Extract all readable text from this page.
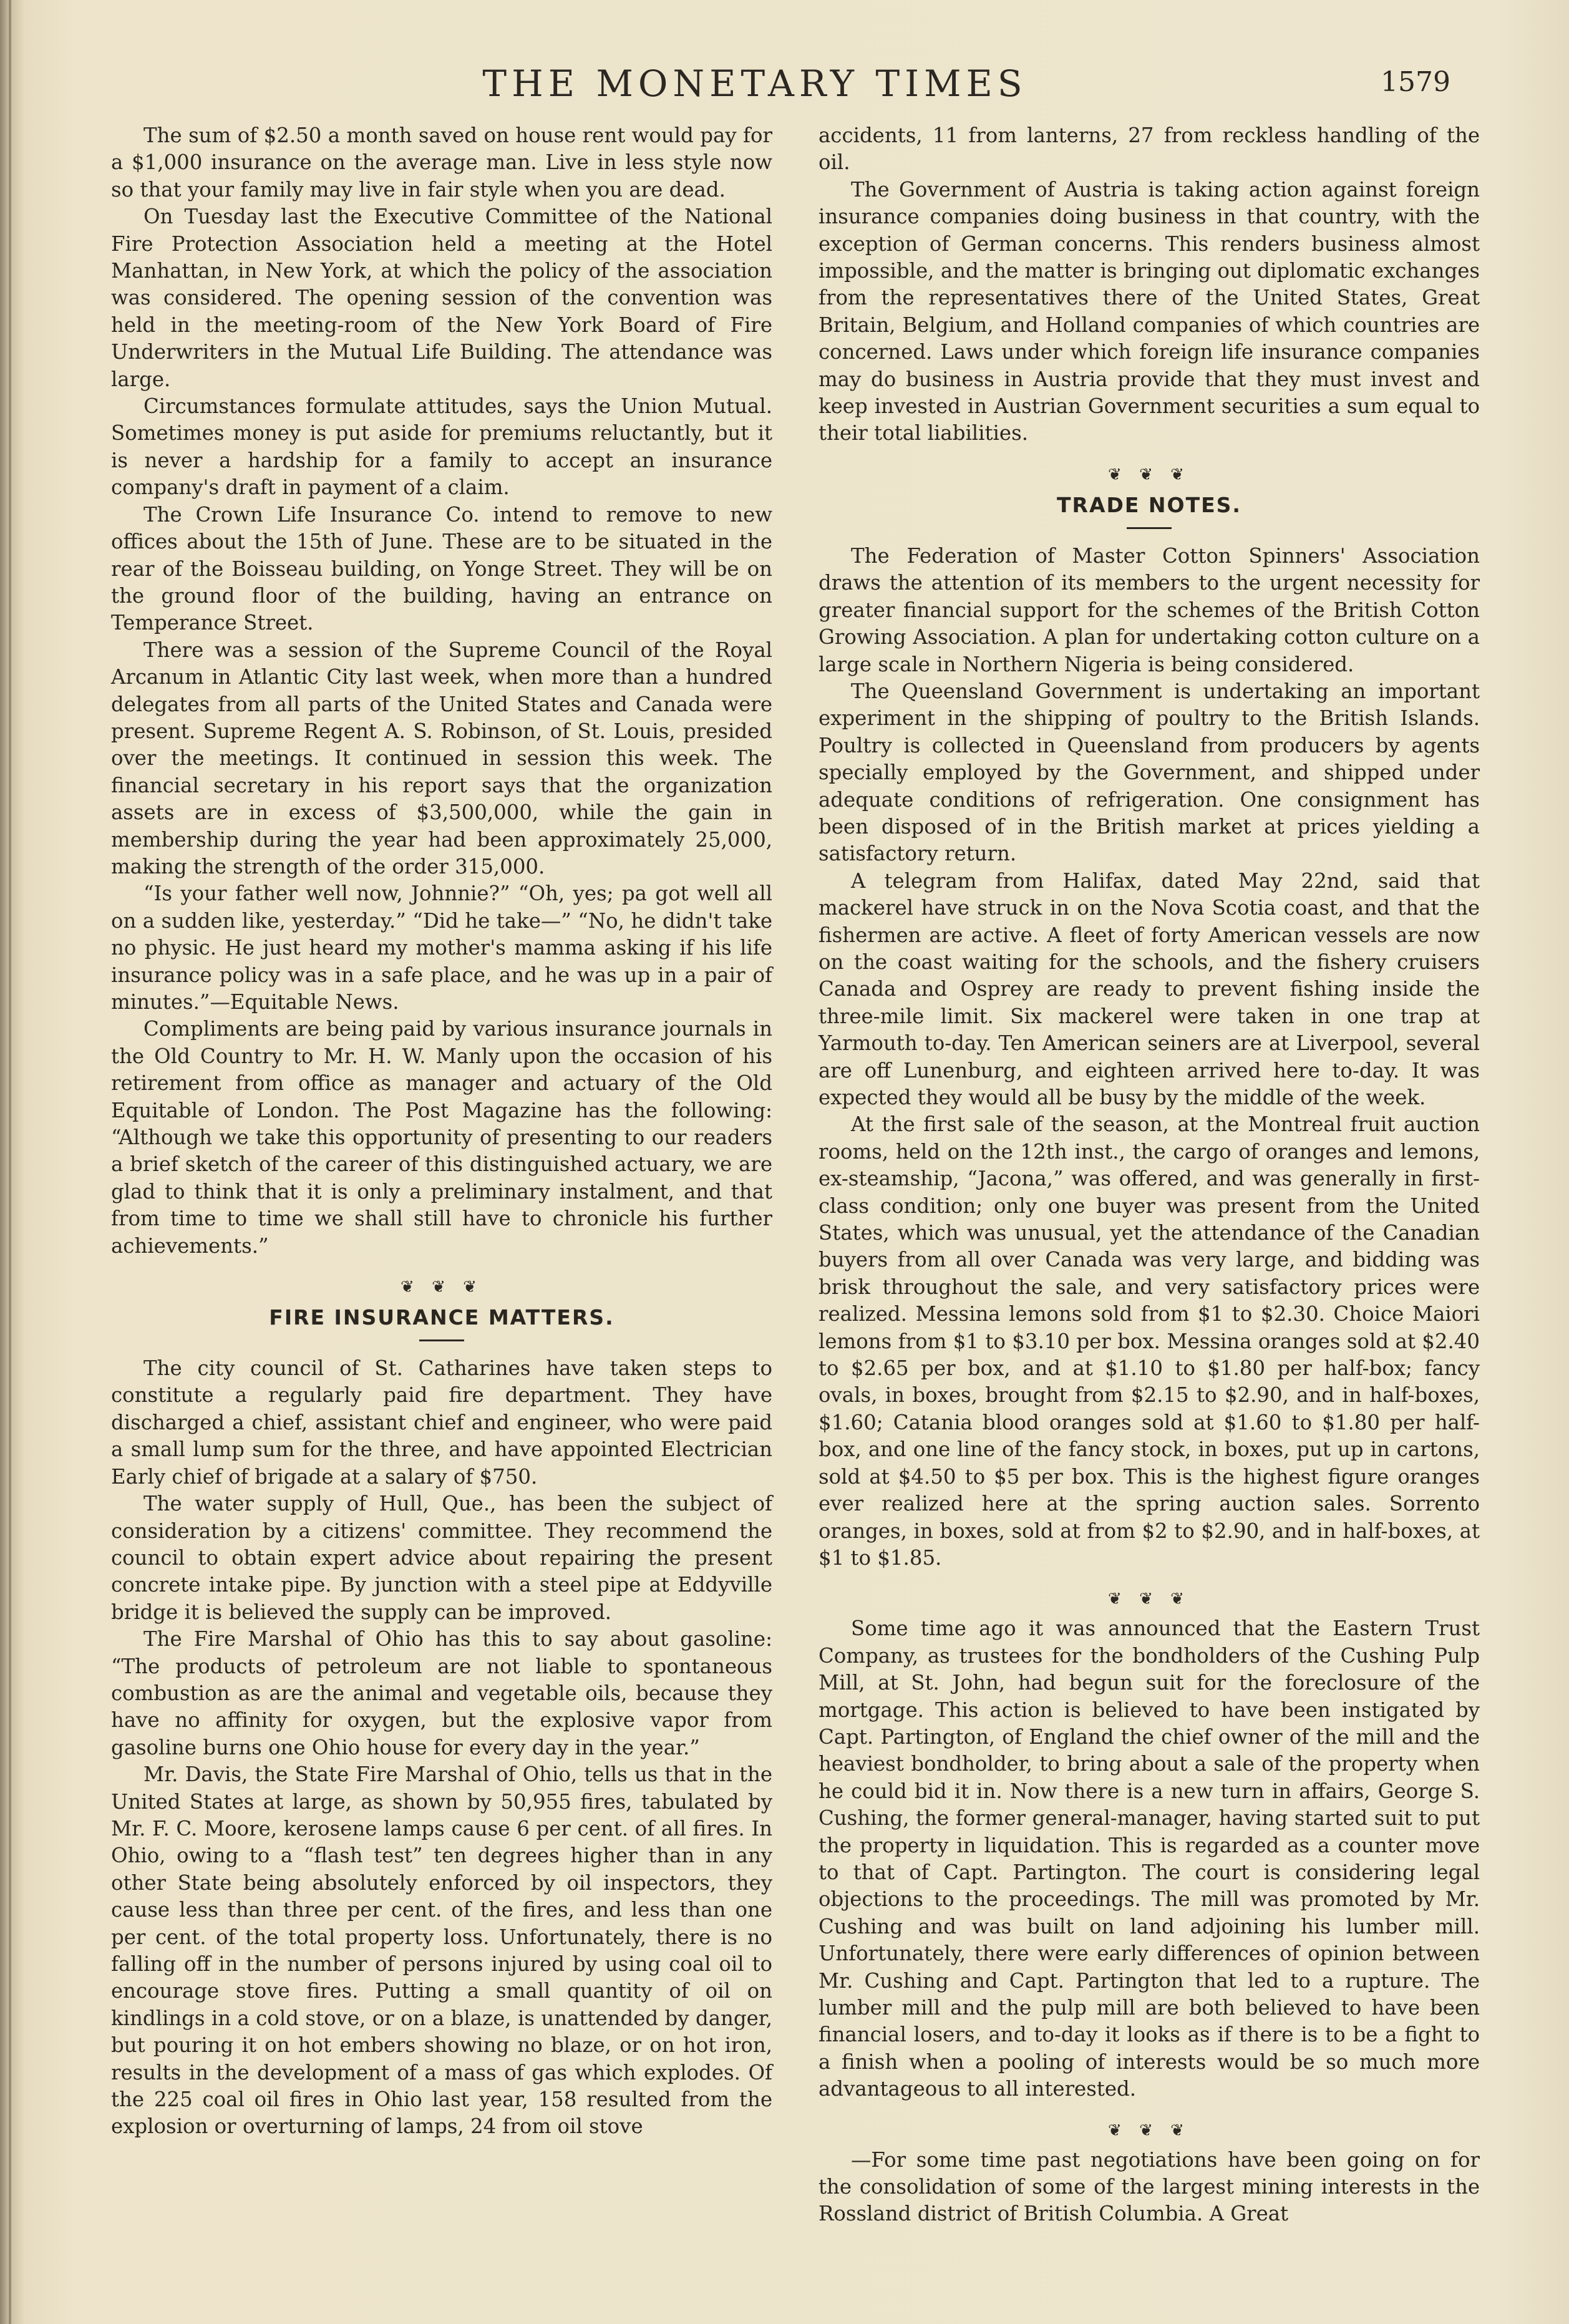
THE MONETARY TIMES	1579

The sum of $2.50 a month saved on house rent would pay for a $1,000 insurance on the average man. Live in less style now so that your family may live in fair style when you are dead.

On Tuesday last the Executive Committee of the National Fire Protection Association held a meeting at the Hotel Manhattan, in New York, at which the policy of the association was considered. The opening session of the convention was held in the meeting-room of the New York Board of Fire Underwriters in the Mutual Life Building. The attendance was large.

Circumstances formulate attitudes, says the Union Mutual. Sometimes money is put aside for premiums reluctantly, but it is never a hardship for a family to accept an insurance company's draft in payment of a claim.

The Crown Life Insurance Co. intend to remove to new offices about the 15th of June. These are to be situated in the rear of the Boisseau building, on Yonge Street. They will be on the ground floor of the building, having an entrance on Temperance Street.

There was a session of the Supreme Council of the Royal Arcanum in Atlantic City last week, when more than a hundred delegates from all parts of the United States and Canada were present. Supreme Regent A. S. Robinson, of St. Louis, presided over the meetings. It continued in session this week. The financial secretary in his report says that the organization assets are in excess of $3,500,000, while the gain in membership during the year had been approximately 25,000, making the strength of the order 315,000.

“Is your father well now, Johnnie?” “Oh, yes; pa got well all on a sudden like, yesterday.” “Did he take—” “No, he didn't take no physic. He just heard my mother's mamma asking if his life insurance policy was in a safe place, and he was up in a pair of minutes.”—Equitable News.

Compliments are being paid by various insurance journals in the Old Country to Mr. H. W. Manly upon the occasion of his retirement from office as manager and actuary of the Old Equitable of London. The Post Magazine has the following: “Although we take this opportunity of presenting to our readers a brief sketch of the career of this distinguished actuary, we are glad to think that it is only a preliminary instalment, and that from time to time we shall still have to chronicle his further achievements.”

❦ ❦ ❦
FIRE INSURANCE MATTERS.

The city council of St. Catharines have taken steps to constitute a regularly paid fire department. They have discharged a chief, assistant chief and engineer, who were paid a small lump sum for the three, and have appointed Electrician Early chief of brigade at a salary of $750.

The water supply of Hull, Que., has been the subject of consideration by a citizens' committee. They recommend the council to obtain expert advice about repairing the present concrete intake pipe. By junction with a steel pipe at Eddyville bridge it is believed the supply can be improved.

The Fire Marshal of Ohio has this to say about gasoline: “The products of petroleum are not liable to spontaneous combustion as are the animal and vegetable oils, because they have no affinity for oxygen, but the explosive vapor from gasoline burns one Ohio house for every day in the year.”

Mr. Davis, the State Fire Marshal of Ohio, tells us that in the United States at large, as shown by 50,955 fires, tabulated by Mr. F. C. Moore, kerosene lamps cause 6 per cent. of all fires. In Ohio, owing to a “flash test” ten degrees higher than in any other State being absolutely enforced by oil inspectors, they cause less than three per cent. of the fires, and less than one per cent. of the total property loss. Unfortunately, there is no falling off in the number of persons injured by using coal oil to encourage stove fires. Putting a small quantity of oil on kindlings in a cold stove, or on a blaze, is unattended by danger, but pouring it on hot embers showing no blaze, or on hot iron, results in the development of a mass of gas which explodes. Of the 225 coal oil fires in Ohio last year, 158 resulted from the explosion or overturning of lamps, 24 from oil stove

accidents, 11 from lanterns, 27 from reckless handling of the oil.

The Government of Austria is taking action against foreign insurance companies doing business in that country, with the exception of German concerns. This renders business almost impossible, and the matter is bringing out diplomatic exchanges from the representatives there of the United States, Great Britain, Belgium, and Holland companies of which countries are concerned. Laws under which foreign life insurance companies may do business in Austria provide that they must invest and keep invested in Austrian Government securities a sum equal to their total liabilities.

❦ ❦ ❦
TRADE NOTES.

The Federation of Master Cotton Spinners' Association draws the attention of its members to the urgent necessity for greater financial support for the schemes of the British Cotton Growing Association. A plan for undertaking cotton culture on a large scale in Northern Nigeria is being considered.

The Queensland Government is undertaking an important experiment in the shipping of poultry to the British Islands. Poultry is collected in Queensland from producers by agents specially employed by the Government, and shipped under adequate conditions of refrigeration. One consignment has been disposed of in the British market at prices yielding a satisfactory return.

A telegram from Halifax, dated May 22nd, said that mackerel have struck in on the Nova Scotia coast, and that the fishermen are active. A fleet of forty American vessels are now on the coast waiting for the schools, and the fishery cruisers Canada and Osprey are ready to prevent fishing inside the three-mile limit. Six mackerel were taken in one trap at Yarmouth to-day. Ten American seiners are at Liverpool, several are off Lunenburg, and eighteen arrived here to-day. It was expected they would all be busy by the middle of the week.

At the first sale of the season, at the Montreal fruit auction rooms, held on the 12th inst., the cargo of oranges and lemons, ex-steamship, “Jacona,” was offered, and was generally in first-class condition; only one buyer was present from the United States, which was unusual, yet the attendance of the Canadian buyers from all over Canada was very large, and bidding was brisk throughout the sale, and very satisfactory prices were realized. Messina lemons sold from $1 to $2.30. Choice Maiori lemons from $1 to $3.10 per box. Messina oranges sold at $2.40 to $2.65 per box, and at $1.10 to $1.80 per half-box; fancy ovals, in boxes, brought from $2.15 to $2.90, and in half-boxes, $1.60; Catania blood oranges sold at $1.60 to $1.80 per half-box, and one line of the fancy stock, in boxes, put up in cartons, sold at $4.50 to $5 per box. This is the highest figure oranges ever realized here at the spring auction sales. Sorrento oranges, in boxes, sold at from $2 to $2.90, and in half-boxes, at $1 to $1.85.

❦ ❦ ❦

Some time ago it was announced that the Eastern Trust Company, as trustees for the bondholders of the Cushing Pulp Mill, at St. John, had begun suit for the foreclosure of the mortgage. This action is believed to have been instigated by Capt. Partington, of England the chief owner of the mill and the heaviest bondholder, to bring about a sale of the property when he could bid it in. Now there is a new turn in affairs, George S. Cushing, the former general-manager, having started suit to put the property in liquidation. This is regarded as a counter move to that of Capt. Partington. The court is considering legal objections to the proceedings. The mill was promoted by Mr. Cushing and was built on land adjoining his lumber mill. Unfortunately, there were early differences of opinion between Mr. Cushing and Capt. Partington that led to a rupture. The lumber mill and the pulp mill are both believed to have been financial losers, and to-day it looks as if there is to be a fight to a finish when a pooling of interests would be so much more advantageous to all interested.

❦ ❦ ❦

—For some time past negotiations have been going on for the consolidation of some of the largest mining interests in the Rossland district of British Columbia. A Great
